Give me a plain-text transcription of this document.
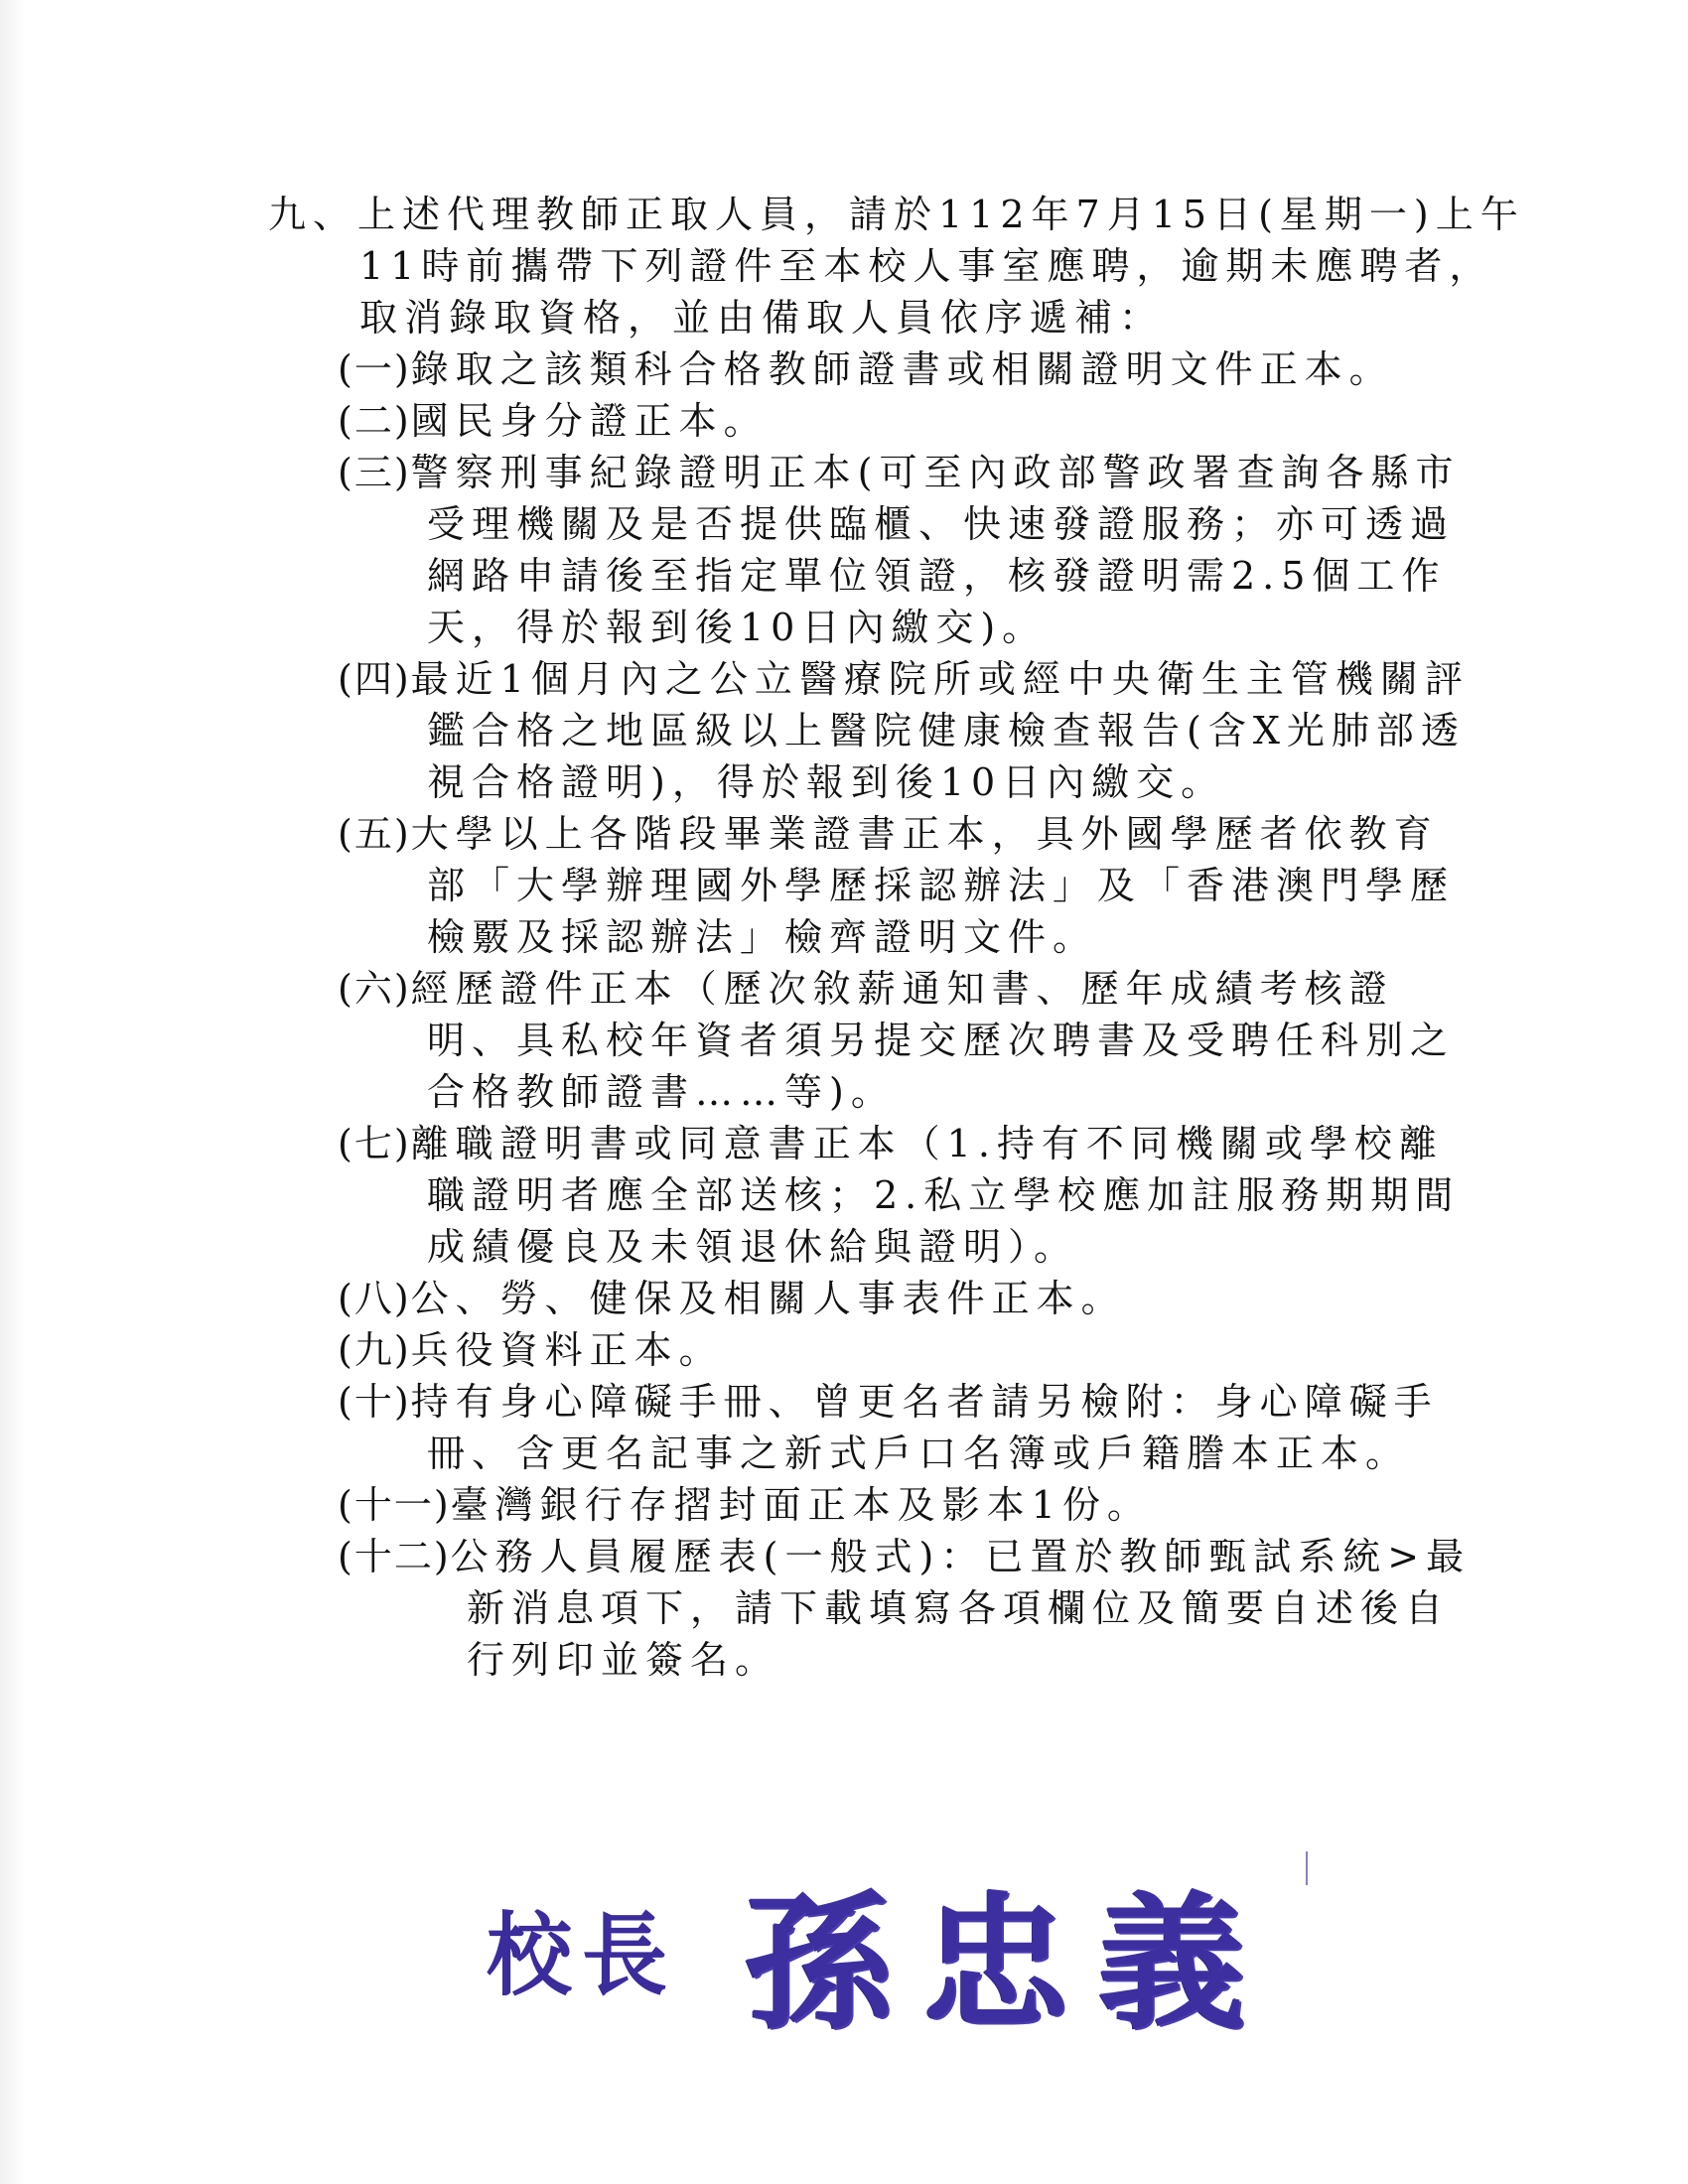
九、上述代理教師正取人員，請於112年7月15日(星期一)上午
11時前攜帶下列證件至本校人事室應聘，逾期未應聘者，
取消錄取資格，並由備取人員依序遞補：
(一)錄取之該類科合格教師證書或相關證明文件正本。
(二)國民身分證正本。
(三)警察刑事紀錄證明正本(可至內政部警政署查詢各縣市
受理機關及是否提供臨櫃、快速發證服務；亦可透過
網路申請後至指定單位領證，核發證明需2.5個工作
天，得於報到後10日內繳交)。
(四)最近1個月內之公立醫療院所或經中央衛生主管機關評
鑑合格之地區級以上醫院健康檢查報告(含X光肺部透
視合格證明)，得於報到後10日內繳交。
(五)大學以上各階段畢業證書正本，具外國學歷者依教育
部「大學辦理國外學歷採認辦法」及「香港澳門學歷
檢覈及採認辦法」檢齊證明文件。
(六)經歷證件正本（歷次敘薪通知書、歷年成績考核證
明、具私校年資者須另提交歷次聘書及受聘任科別之
合格教師證書……等)。
(七)離職證明書或同意書正本（1.持有不同機關或學校離
職證明者應全部送核；2.私立學校應加註服務期期間
成績優良及未領退休給與證明）。
(八)公、勞、健保及相關人事表件正本。
(九)兵役資料正本。
(十)持有身心障礙手冊、曾更名者請另檢附：身心障礙手
冊、含更名記事之新式戶口名簿或戶籍謄本正本。
(十一)臺灣銀行存摺封面正本及影本1份。
(十二)公務人員履歷表(一般式)：已置於教師甄試系統>最
新消息項下，請下載填寫各項欄位及簡要自述後自
行列印並簽名。
校長 孫忠義
